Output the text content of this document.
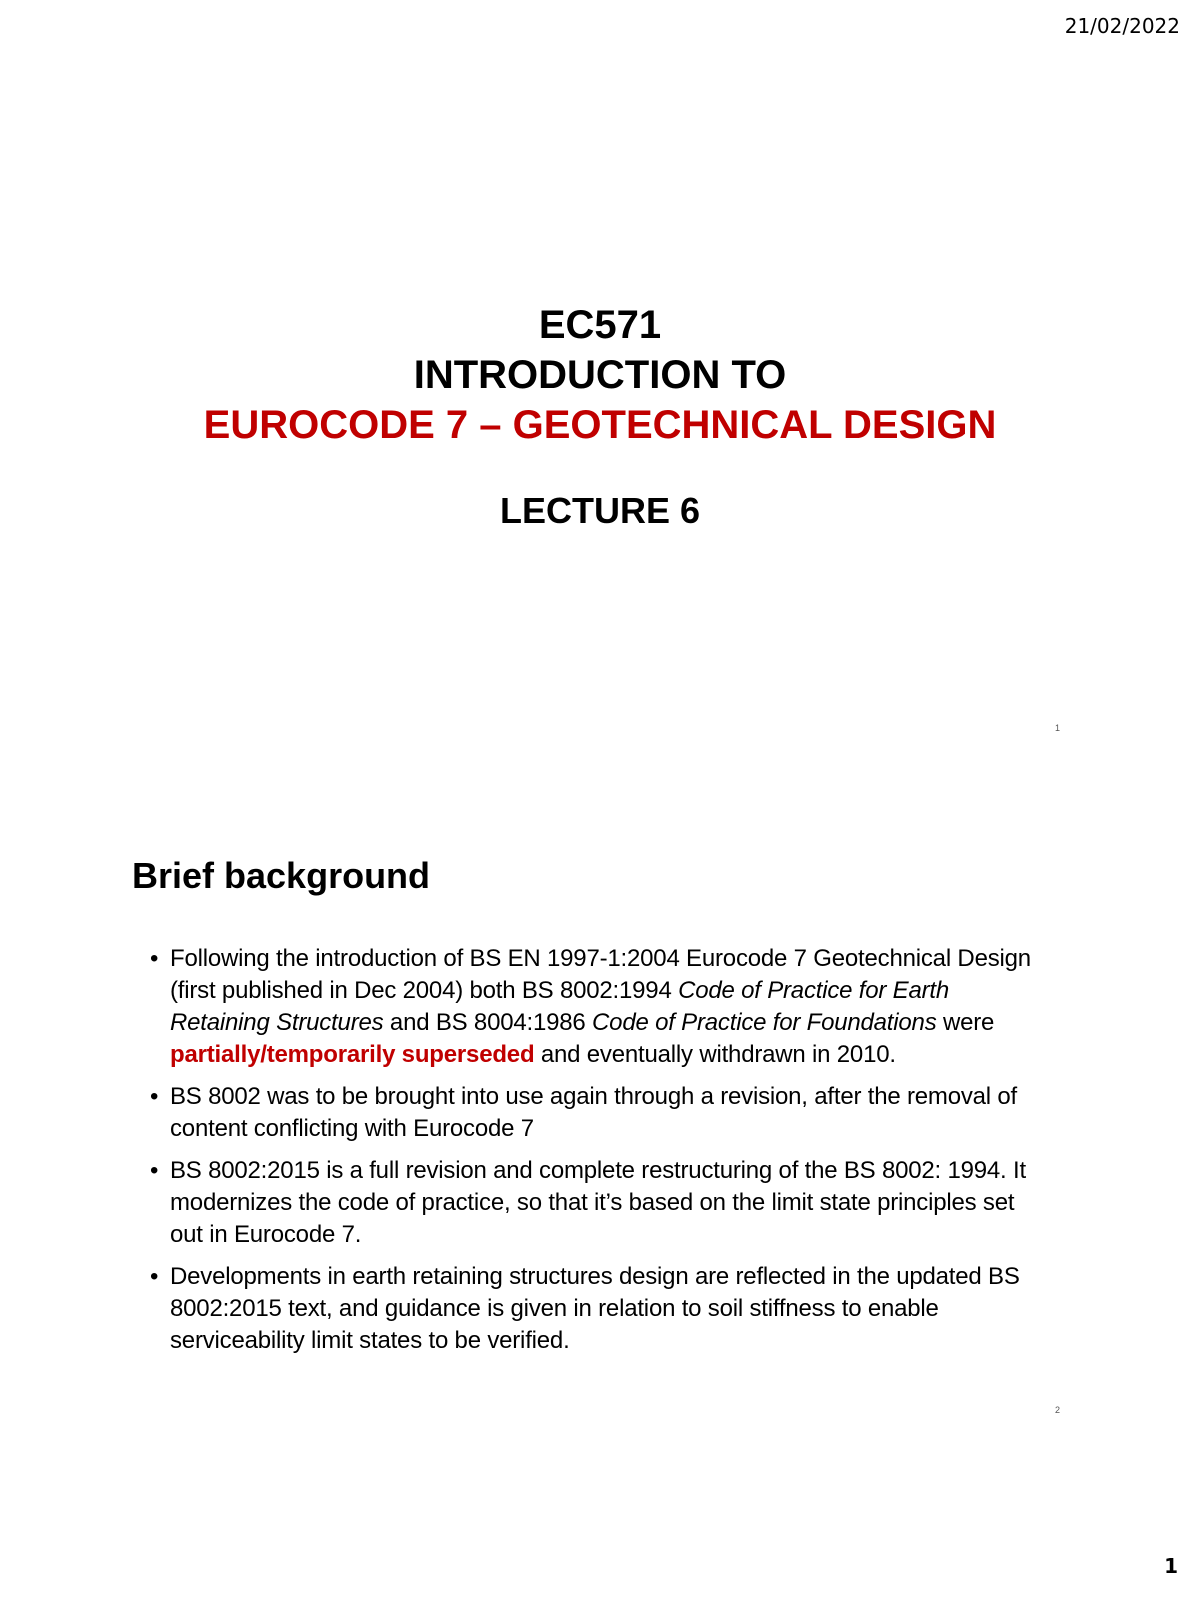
21/02/2022

EC571

INTRODUCTION TO

EUROCODE 7 – GEOTECHNICAL DESIGN

LECTURE 6

1
Brief background
• Following the introduction of BS EN 1997-1:2004 Eurocode 7 Geotechnical Design (first published in Dec 2004) both BS 8002:1994 Code of Practice for Earth Retaining Structures and BS 8004:1986 Code of Practice for Foundations were partially/temporarily superseded and eventually withdrawn in 2010.
• BS 8002 was to be brought into use again through a revision, after the removal of content conflicting with Eurocode 7
• BS 8002:2015 is a full revision and complete restructuring of the BS 8002: 1994. It modernizes the code of practice, so that it’s based on the limit state principles set out in Eurocode 7.
• Developments in earth retaining structures design are reflected in the updated BS 8002:2015 text, and guidance is given in relation to soil stiffness to enable serviceability limit states to be verified.
2
1
